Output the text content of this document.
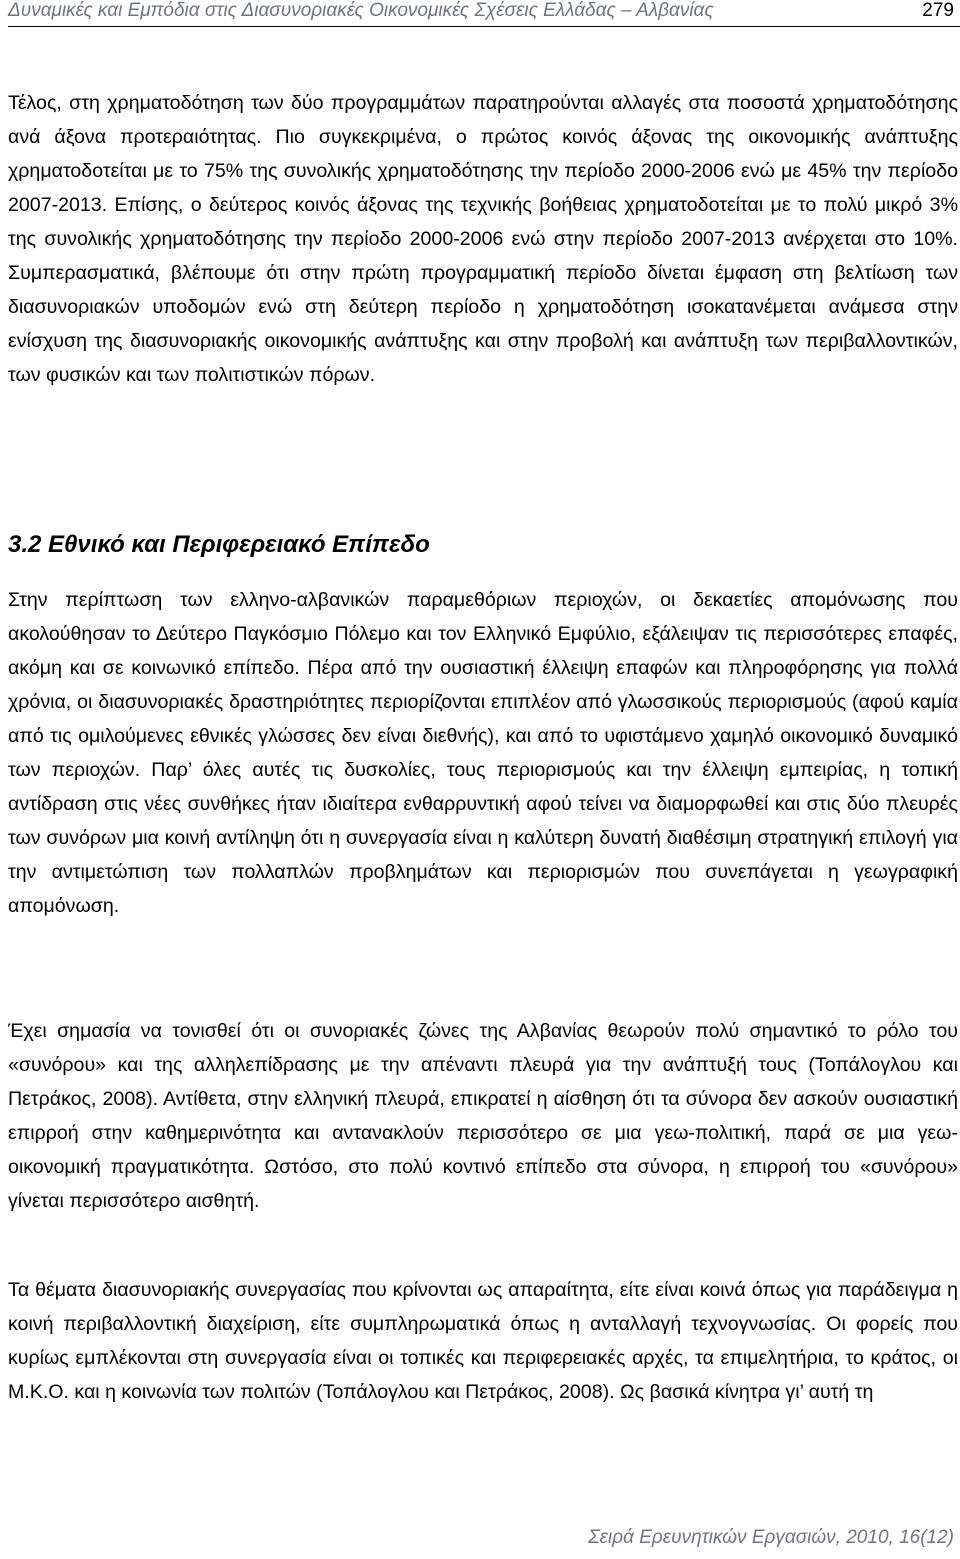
Δυναμικές και Εμπόδια στις Διασυνοριακές Οικονομικές Σχέσεις Ελλάδας – Αλβανίας	279

Τέλος, στη χρηματοδότηση των δύο προγραμμάτων παρατηρούνται αλλαγές στα ποσοστά χρηματοδότησης ανά άξονα προτεραιότητας. Πιο συγκεκριμένα, ο πρώτος κοινός άξονας της οικονομικής ανάπτυξης χρηματοδοτείται με το 75% της συνολικής χρηματοδότησης την περίοδο 2000-2006 ενώ με 45% την περίοδο 2007-2013. Επίσης, ο δεύτερος κοινός άξονας της τεχνικής βοήθειας χρηματοδοτείται με το πολύ μικρό 3% της συνολικής χρηματοδότησης την περίοδο 2000-2006 ενώ στην περίοδο 2007-2013 ανέρχεται στο 10%. Συμπερασματικά, βλέπουμε ότι στην πρώτη προγραμματική περίοδο δίνεται έμφαση στη βελτίωση των διασυνοριακών υποδομών ενώ στη δεύτερη περίοδο η χρηματοδότηση ισοκατανέμεται ανάμεσα στην ενίσχυση της διασυνοριακής οικονομικής ανάπτυξης και στην προβολή και ανάπτυξη των περιβαλλοντικών, των φυσικών και των πολιτιστικών πόρων.

3.2 Εθνικό και Περιφερειακό Επίπεδο

Στην περίπτωση των ελληνο-αλβανικών παραμεθόριων περιοχών, οι δεκαετίες απομόνωσης που ακολούθησαν το Δεύτερο Παγκόσμιο Πόλεμο και τον Ελληνικό Εμφύλιο, εξάλειψαν τις περισσότερες επαφές, ακόμη και σε κοινωνικό επίπεδο. Πέρα από την ουσιαστική έλλειψη επαφών και πληροφόρησης για πολλά χρόνια, οι διασυνοριακές δραστηριότητες περιορίζονται επιπλέον από γλωσσικούς περιορισμούς (αφού καμία από τις ομιλούμενες εθνικές γλώσσες δεν είναι διεθνής), και από το υφιστάμενο χαμηλό οικονομικό δυναμικό των περιοχών. Παρ’ όλες αυτές τις δυσκολίες, τους περιορισμούς και την έλλειψη εμπειρίας, η τοπική αντίδραση στις νέες συνθήκες ήταν ιδιαίτερα ενθαρρυντική αφού τείνει να διαμορφωθεί και στις δύο πλευρές των συνόρων μια κοινή αντίληψη ότι η συνεργασία είναι η καλύτερη δυνατή διαθέσιμη στρατηγική επιλογή για την αντιμετώπιση των πολλαπλών προβλημάτων και περιορισμών που συνεπάγεται η γεωγραφική απομόνωση.

Έχει σημασία να τονισθεί ότι οι συνοριακές ζώνες της Αλβανίας θεωρούν πολύ σημαντικό το ρόλο του «συνόρου» και της αλληλεπίδρασης με την απέναντι πλευρά για την ανάπτυξή τους (Τοπάλογλου και Πετράκος, 2008). Αντίθετα, στην ελληνική πλευρά, επικρατεί η αίσθηση ότι τα σύνορα δεν ασκούν ουσιαστική επιρροή στην καθημερινότητα και αντανακλούν περισσότερο σε μια γεω-πολιτική, παρά σε μια γεω-οικονομική πραγματικότητα. Ωστόσο, στο πολύ κοντινό επίπεδο στα σύνορα, η επιρροή του «συνόρου» γίνεται περισσότερο αισθητή.

Τα θέματα διασυνοριακής συνεργασίας που κρίνονται ως απαραίτητα, είτε είναι κοινά όπως για παράδειγμα η κοινή περιβαλλοντική διαχείριση, είτε συμπληρωματικά όπως η ανταλλαγή τεχνογνωσίας. Οι φορείς που κυρίως εμπλέκονται στη συνεργασία είναι οι τοπικές και περιφερειακές αρχές, τα επιμελητήρια, το κράτος, οι Μ.Κ.Ο. και η κοινωνία των πολιτών (Τοπάλογλου και Πετράκος, 2008). Ως βασικά κίνητρα γι’ αυτή τη

Σειρά Ερευνητικών Εργασιών, 2010, 16(12)
